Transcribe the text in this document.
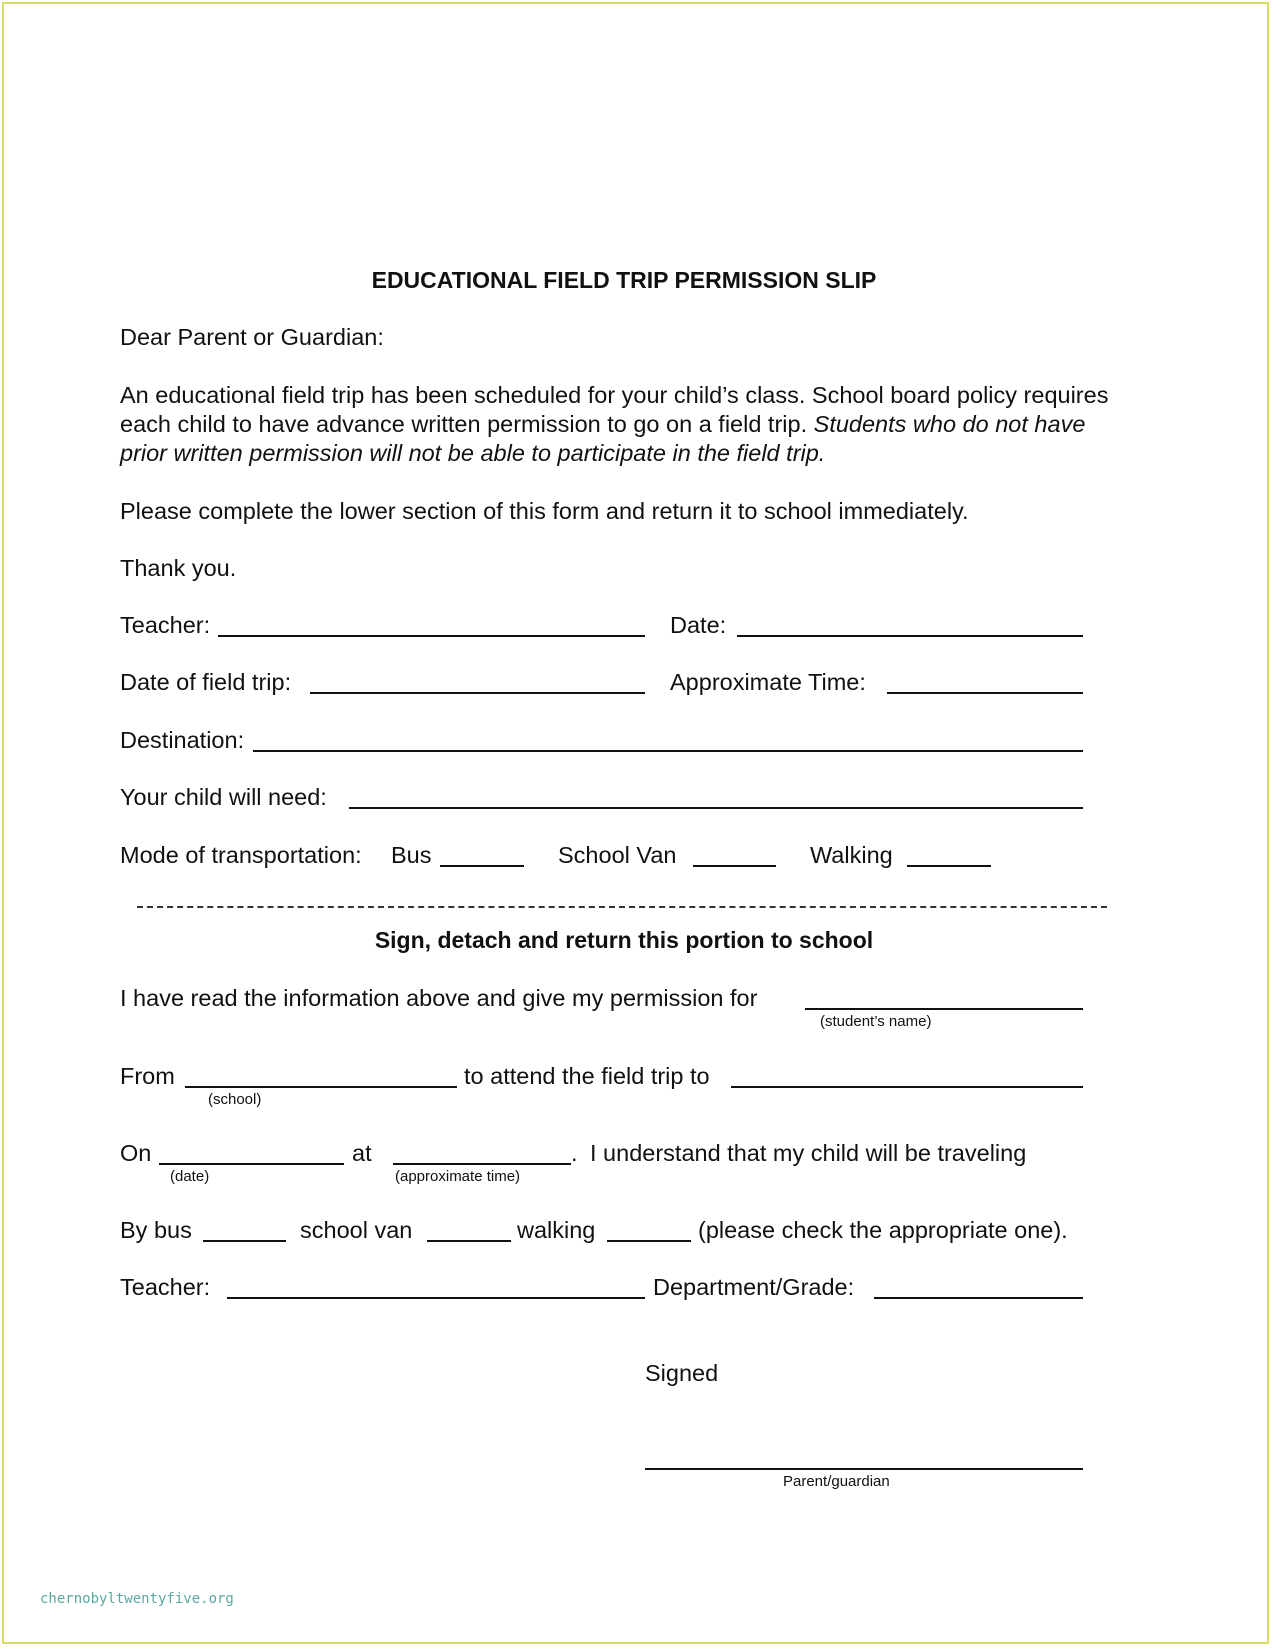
EDUCATIONAL FIELD TRIP PERMISSION SLIP
Dear Parent or Guardian:
An educational field trip has been scheduled for your child’s class. School board policy requires each child to have advance written permission to go on a field trip. Students who do not have prior written permission will not be able to participate in the field trip.
Please complete the lower section of this form and return it to school immediately.
Thank you.
Teacher:	Date:
Date of field trip:	Approximate Time:
Destination:
Your child will need:
Mode of transportation: Bus	School Van	Walking
Sign, detach and return this portion to school
I have read the information above and give my permission for
(student’s name)
From
(school)
to attend the field trip to
On
(date)
at
(approximate time)
. I understand that my child will be traveling
By bus	school van	walking	(please check the appropriate one).
Teacher:	Department/Grade:
Signed
Parent/guardian
chernobyltwentyfive.org
